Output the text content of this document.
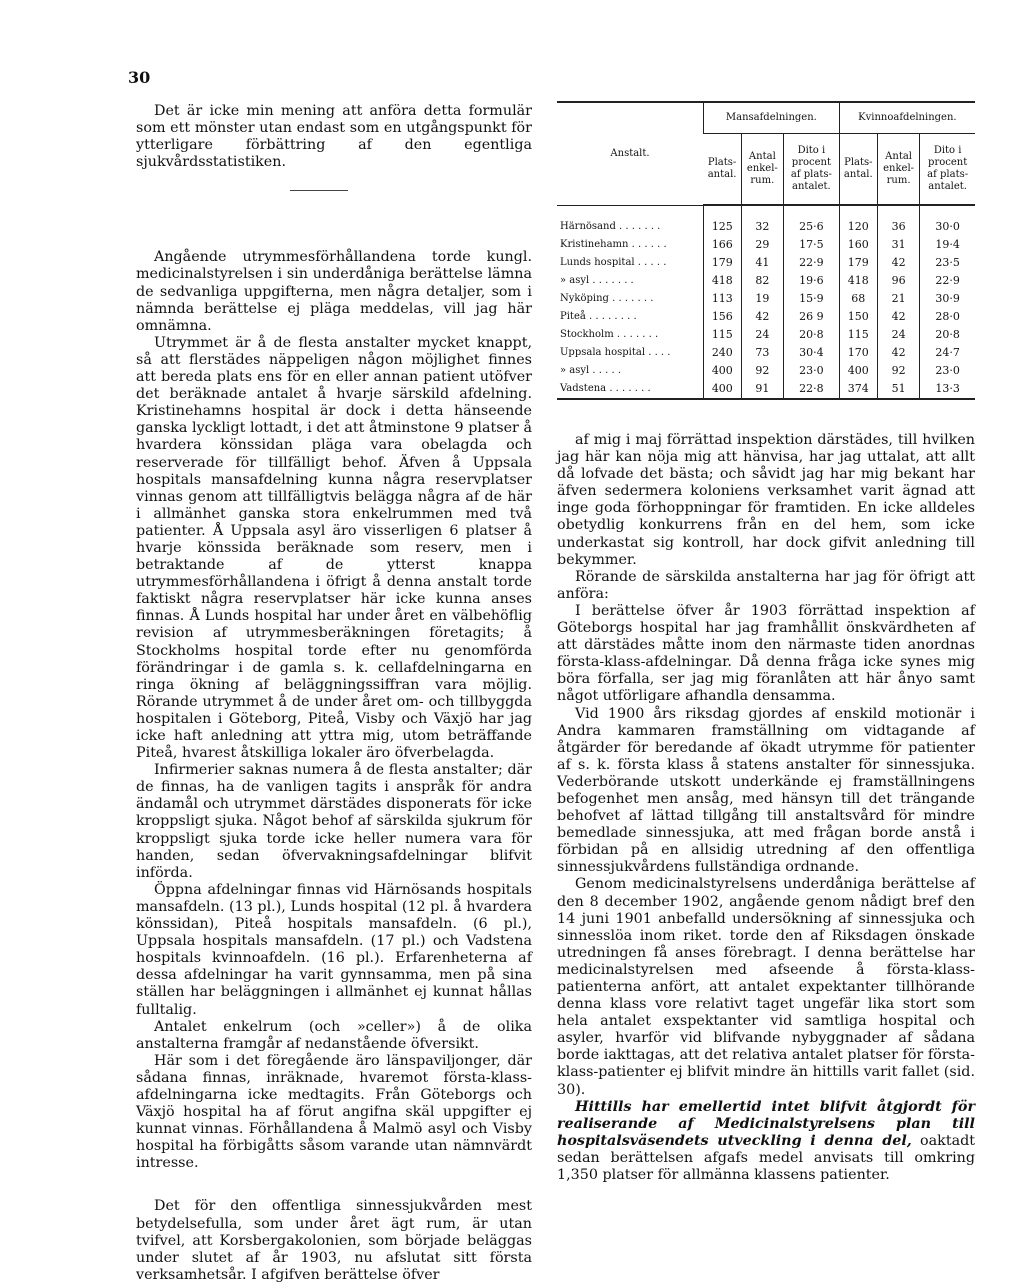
30

Det är icke min mening att anföra detta formulär som ett mönster utan endast som en utgångspunkt för ytterligare förbättring af den egentliga sjukvårdsstatistiken.

Angående utrymmesförhållandena torde kungl. medicinalstyrelsen i sin underdåniga berättelse lämna de sedvanliga uppgifterna, men några detaljer, som i nämnda berättelse ej pläga meddelas, vill jag här omnämna.

Utrymmet är å de flesta anstalter mycket knappt, så att flerstädes näppeligen någon möjlighet finnes att bereda plats ens för en eller annan patient utöfver det beräknade antalet å hvarje särskild afdelning. Kristinehamns hospital är dock i detta hänseende ganska lyckligt lottadt, i det att åtminstone 9 platser å hvardera könssidan pläga vara obelagda och reserverade för tillfälligt behof. Äfven å Uppsala hospitals mansafdelning kunna några reservplatser vinnas genom att tillfälligtvis belägga några af de här i allmänhet ganska stora enkelrummen med två patienter. Å Uppsala asyl äro visserligen 6 platser å hvarje könssida beräknade som reserv, men i betraktande af de ytterst knappa utrymmesförhållandena i öfrigt å denna anstalt torde faktiskt några reservplatser här icke kunna anses finnas. Å Lunds hospital har under året en välbehöflig revision af utrymmesberäkningen företagits; å Stockholms hospital torde efter nu genomförda förändringar i de gamla s. k. cellafdelningarna en ringa ökning af beläggningssiffran vara möjlig. Rörande utrymmet å de under året om- och tillbyggda hospitalen i Göteborg, Piteå, Visby och Växjö har jag icke haft anledning att yttra mig, utom beträffande Piteå, hvarest åtskilliga lokaler äro öfverbelagda.

Infirmerier saknas numera å de flesta anstalter; där de finnas, ha de vanligen tagits i anspråk för andra ändamål och utrymmet därstädes disponerats för icke kroppsligt sjuka. Något behof af särskilda sjukrum för kroppsligt sjuka torde icke heller numera vara för handen, sedan öfvervakningsafdelningar blifvit införda.

Öppna afdelningar finnas vid Härnösands hospitals mansafdeln. (13 pl.), Lunds hospital (12 pl. å hvardera könssidan), Piteå hospitals mansafdeln. (6 pl.), Uppsala hospitals mansafdeln. (17 pl.) och Vadstena hospitals kvinnoafdeln. (16 pl.). Erfarenheterna af dessa afdelningar ha varit gynnsamma, men på sina ställen har beläggningen i allmänhet ej kunnat hållas fulltalig.

Antalet enkelrum (och »celler») å de olika anstalterna framgår af nedanstående öfversikt.

Här som i det föregående äro länspaviljonger, där sådana finnas, inräknade, hvaremot första-klass-afdelningarna icke medtagits. Från Göteborgs och Växjö hospital ha af förut angifna skäl uppgifter ej kunnat vinnas. Förhållandena å Malmö asyl och Visby hospital ha förbigåtts såsom varande utan nämnvärdt intresse.

Det för den offentliga sinnessjukvården mest betydelsefulla, som under året ägt rum, är utan tvifvel, att Korsbergakolonien, som började beläggas under slutet af år 1903, nu afslutat sitt första verksamhetsår. I afgifven berättelse öfver

Anstalt.	Mansafdelningen.			Kvinnoafdelningen.		
	Plats-antal.	Antal enkel-rum.	Dito i procent af plats-antalet.	Plats-antal.	Antal enkel-rum.	Dito i procent af plats-antalet.
Härnösand . . . . . . .	125	32	25·6	120	36	30·0
Kristinehamn . . . . . .	166	29	17·5	160	31	19·4
Lunds hospital . . . . .	179	41	22·9	179	42	23·5
» asyl . . . . . . .	418	82	19·6	418	96	22·9
Nyköping . . . . . . .	113	19	15·9	68	21	30·9
Piteå . . . . . . . .	156	42	26 9	150	42	28·0
Stockholm . . . . . . .	115	24	20·8	115	24	20·8
Uppsala hospital . . . .	240	73	30·4	170	42	24·7
» asyl . . . . .	400	92	23·0	400	92	23·0
Vadstena . . . . . . .	400	91	22·8	374	51	13·3

af mig i maj förrättad inspektion därstädes, till hvilken jag här kan nöja mig att hänvisa, har jag uttalat, att allt då lofvade det bästa; och såvidt jag har mig bekant har äfven sedermera koloniens verksamhet varit ägnad att inge goda förhoppningar för framtiden. En icke alldeles obetydlig konkurrens från en del hem, som icke underkastat sig kontroll, har dock gifvit anledning till bekymmer.

Rörande de särskilda anstalterna har jag för öfrigt att anföra:

I berättelse öfver år 1903 förrättad inspektion af Göteborgs hospital har jag framhållit önskvärdheten af att därstädes måtte inom den närmaste tiden anordnas första-klass-afdelningar. Då denna fråga icke synes mig böra förfalla, ser jag mig föranlåten att här ånyo samt något utförligare afhandla densamma.

Vid 1900 års riksdag gjordes af enskild motionär i Andra kammaren framställning om vidtagande af åtgärder för beredande af ökadt utrymme för patienter af s. k. första klass å statens anstalter för sinnessjuka. Vederbörande utskott underkände ej framställningens befogenhet men ansåg, med hänsyn till det trängande behofvet af lättad tillgång till anstaltsvård för mindre bemedlade sinnessjuka, att med frågan borde anstå i förbidan på en allsidig utredning af den offentliga sinnessjukvårdens fullständiga ordnande.

Genom medicinalstyrelsens underdåniga berättelse af den 8 december 1902, angående genom nådigt bref den 14 juni 1901 anbefalld undersökning af sinnessjuka och sinnesslöa inom riket. torde den af Riksdagen önskade utredningen få anses förebragt. I denna berättelse har medicinalstyrelsen med afseende å första-klass-patienterna anfört, att antalet expektanter tillhörande denna klass vore relativt taget ungefär lika stort som hela antalet exspektanter vid samtliga hospital och asyler, hvarför vid blifvande nybyggnader af sådana borde iakttagas, att det relativa antalet platser för första-klass-patienter ej blifvit mindre än hittills varit fallet (sid. 30).

Hittills har emellertid intet blifvit åtgjordt för realiserande af Medicinalstyrelsens plan till hospitalsväsendets utveckling i denna del, oaktadt sedan berättelsen afgafs medel anvisats till omkring 1,350 platser för allmänna klassens patienter.
